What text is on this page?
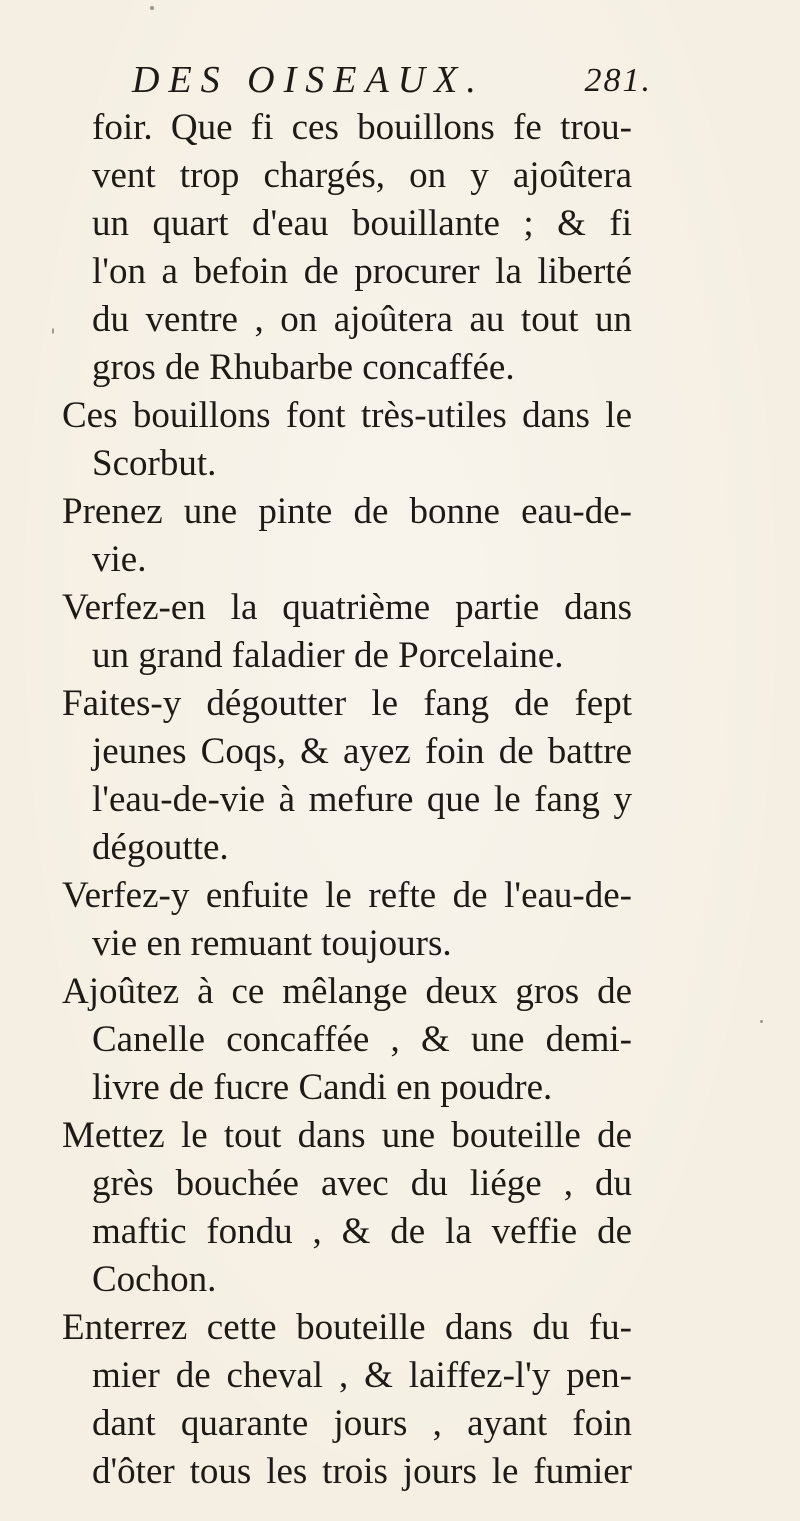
DES OISEAUX.	281.
foir. Que fi ces bouillons fe trou-
vent trop chargés, on y ajoûtera
un quart d'eau bouillante ; & fi
l'on a befoin de procurer la liberté
du ventre , on ajoûtera au tout un
gros de Rhubarbe concaffée.
Ces bouillons font très-utiles dans le
Scorbut.
Prenez une pinte de bonne eau-de-
vie.
Verfez-en la quatrième partie dans
un grand faladier de Porcelaine.
Faites-y dégoutter le fang de fept
jeunes Coqs, & ayez foin de battre
l'eau-de-vie à mefure que le fang y
dégoutte.
Verfez-y enfuite le refte de l'eau-de-
vie en remuant toujours.
Ajoûtez à ce mêlange deux gros de
Canelle concaffée , & une demi-
livre de fucre Candi en poudre.
Mettez le tout dans une bouteille de
grès bouchée avec du liége , du
maftic fondu , & de la veffie de
Cochon.
Enterrez cette bouteille dans du fu-
mier de cheval , & laiffez-l'y pen-
dant quarante jours , ayant foin
d'ôter tous les trois jours le fumier
